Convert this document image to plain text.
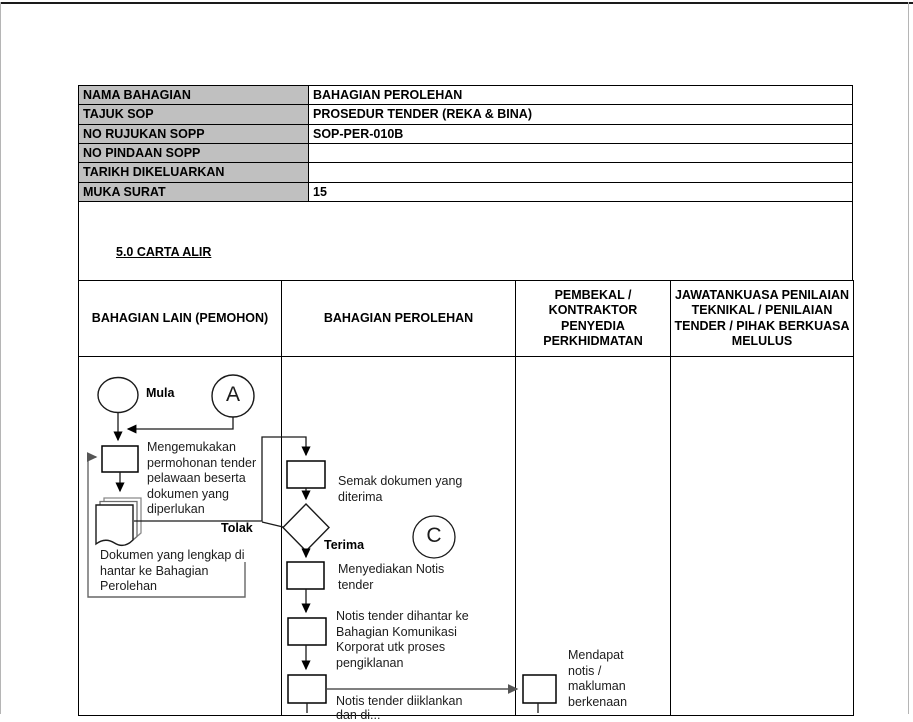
NAMA BAHAGIAN	BAHAGIAN PEROLEHAN
TAJUK SOP	PROSEDUR TENDER (REKA & BINA)
NO RUJUKAN SOPP	SOP-PER-010B
NO PINDAAN SOPP
TARIKH DIKELUARKAN
MUKA SURAT	15
5.0 CARTA ALIR
BAHAGIAN LAIN (PEMOHON)	BAHAGIAN PEROLEHAN
PEMBEKAL / KONTRAKTOR PENYEDIA PERKHIDMATAN
JAWATANKUASA PENILAIAN TEKNIKAL / PENILAIAN TENDER / PIHAK BERKUASA MELULUS
Mula	A
C
Mengemukakan permohonan tender pelawaan beserta dokumen yang diperlukan
Dokumen yang lengkap di hantar ke Bahagian Perolehan
Tolak
Semak dokumen yang diterima
Terima
Menyediakan Notis tender
Notis tender dihantar ke Bahagian Komunikasi Korporat utk proses pengiklanan
Notis tender diiklankan
dan di...
Mendapat notis / makluman berkenaan
